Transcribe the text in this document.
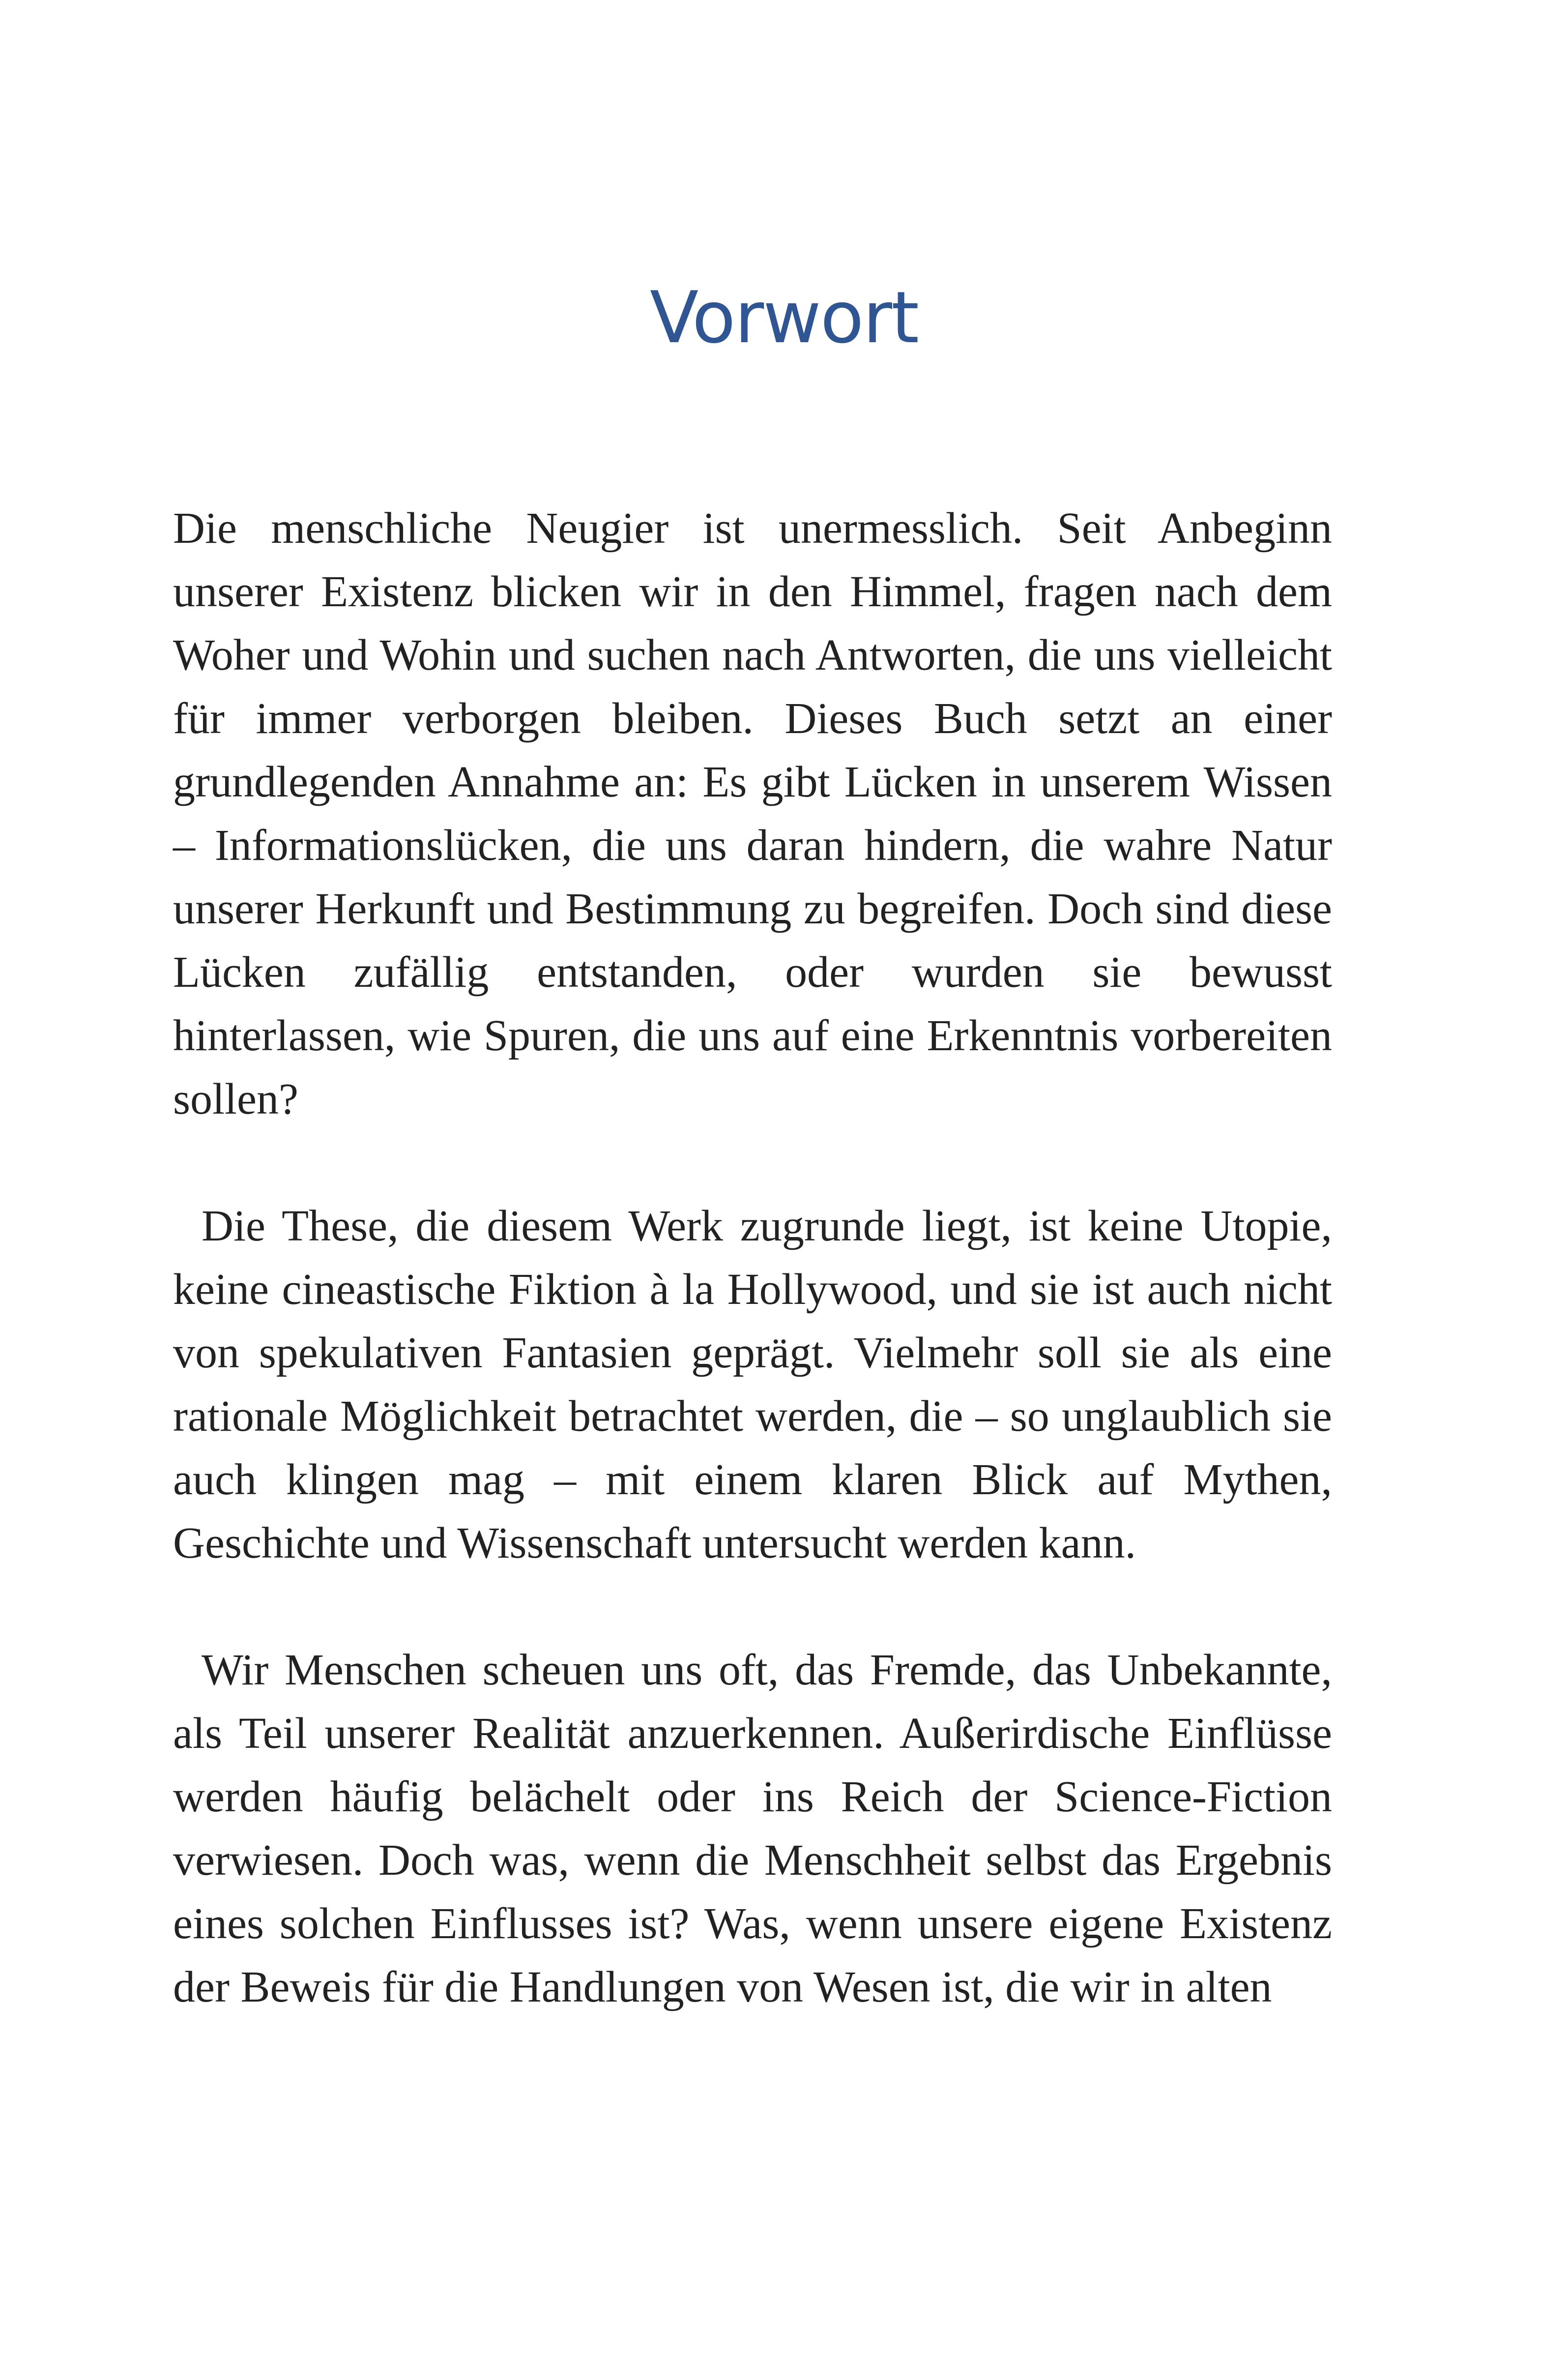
Vorwort

Die menschliche Neugier ist unermesslich. Seit Anbeginn unserer Existenz blicken wir in den Himmel, fragen nach dem Woher und Wohin und suchen nach Antworten, die uns vielleicht für immer verborgen bleiben. Dieses Buch setzt an einer grundlegenden Annahme an: Es gibt Lücken in unserem Wissen – Informationslücken, die uns daran hindern, die wahre Natur unserer Herkunft und Bestimmung zu begreifen. Doch sind diese Lücken zufällig entstanden, oder wurden sie bewusst hinterlassen, wie Spuren, die uns auf eine Erkenntnis vorbereiten sollen?

Die These, die diesem Werk zugrunde liegt, ist keine Utopie, keine cineastische Fiktion à la Hollywood, und sie ist auch nicht von spekulativen Fantasien geprägt. Vielmehr soll sie als eine rationale Möglichkeit betrachtet werden, die – so unglaublich sie auch klingen mag – mit einem klaren Blick auf Mythen, Geschichte und Wissenschaft untersucht werden kann.

Wir Menschen scheuen uns oft, das Fremde, das Unbekannte, als Teil unserer Realität anzuerkennen. Außerirdische Einflüsse werden häufig belächelt oder ins Reich der Science-Fiction verwiesen. Doch was, wenn die Menschheit selbst das Ergebnis eines solchen Einflusses ist? Was, wenn unsere eigene Existenz der Beweis für die Handlungen von Wesen ist, die wir in alten
